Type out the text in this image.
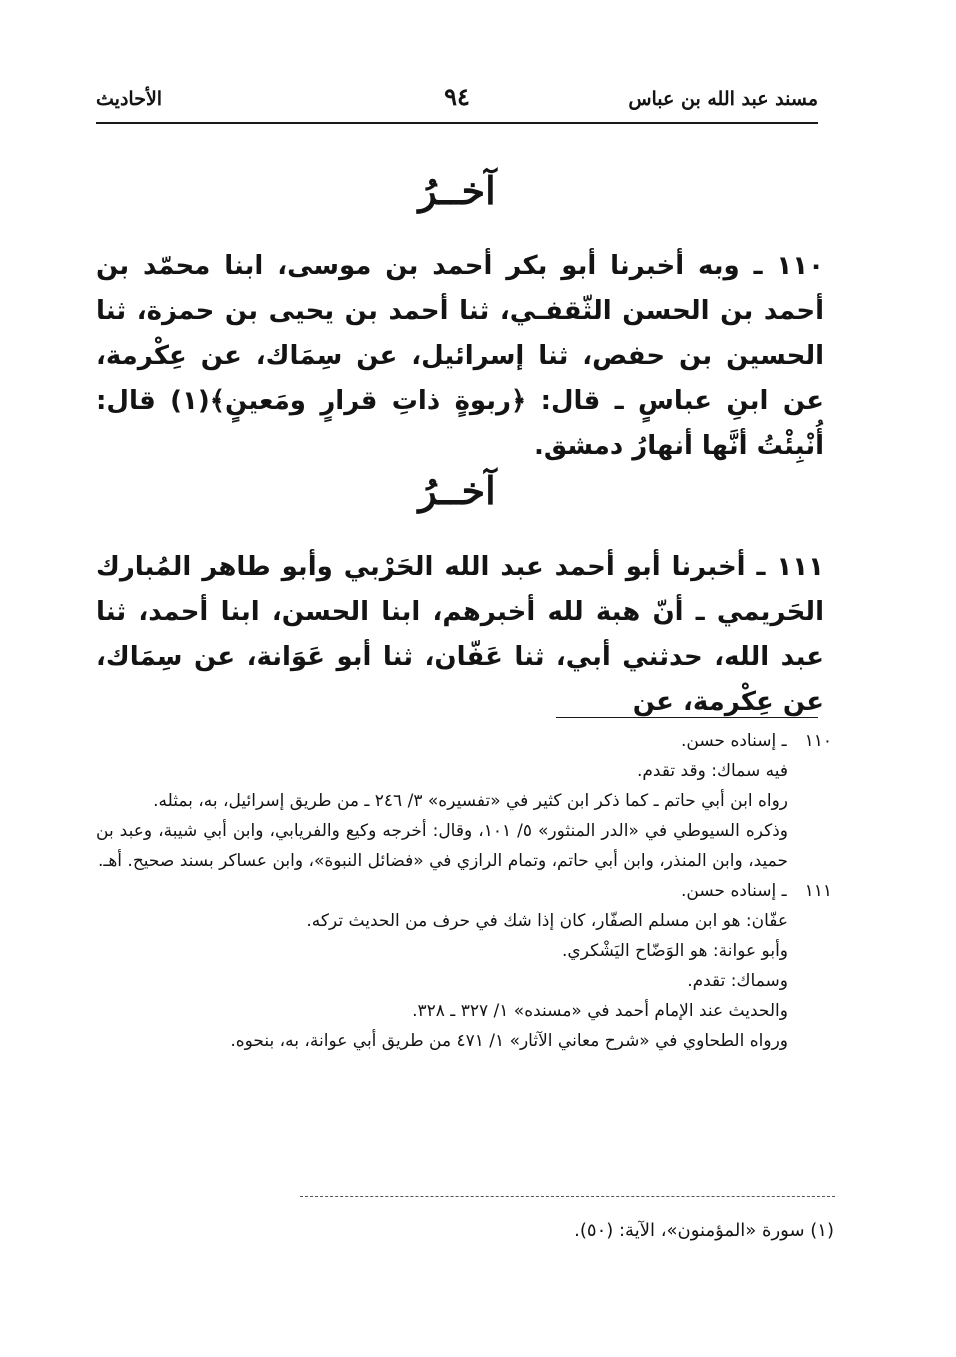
مسند عبد الله بن عباس
٩٤
الأحاديث
آخــرُ
١١٠ ـ وبه أخبرنا أبو بكر أحمد بن موسى، ابنا محمّد بن أحمد بن الحسن الثّقفـي، ثنا أحمد بن يحيى بن حمزة، ثنا الحسين بن حفص، ثنا إسرائيل، عن سِمَاك، عن عِكْرمة، عن ابنِ عباسٍ ـ قال: ﴿ربوةٍ ذاتِ قرارٍ ومَعينٍ﴾(١) قال: أُنْبِئْتُ أنَّها أنهارُ دمشق.
آخــرُ
١١١ ـ أخبرنا أبو أحمد عبد الله الحَرْبي وأبو طاهر المُبارك الحَريمي ـ أنّ هبة لله أخبرهم، ابنا الحسن، ابنا أحمد، ثنا عبد الله، حدثني أبي، ثنا عَفّان، ثنا أبو عَوَانة، عن سِمَاك، عن عِكْرمة، عن
١١٠ ـ إسناده حسن.
فيه سماك: وقد تقدم.
رواه ابن أبي حاتم ـ كما ذكر ابن كثير في «تفسيره» ٣/ ٢٤٦ ـ من طريق إسرائيل، به، بمثله.
وذكره السيوطي في «الدر المنثور» ٥/ ١٠١، وقال: أخرجه وكيع والفريابي، وابن أبي شيبة، وعبد بن حميد، وابن المنذر، وابن أبي حاتم، وتمام الرازي في «فضائل النبوة»، وابن عساكر بسند صحيح. أهـ.
١١١ ـ إسناده حسن.
عفّان: هو ابن مسلم الصفّار، كان إذا شك في حرف من الحديث تركه.
وأبو عوانة: هو الوَضّاح اليَشْكري.
وسماك: تقدم.
والحديث عند الإمام أحمد في «مسنده» ١/ ٣٢٧ ـ ٣٢٨.
ورواه الطحاوي في «شرح معاني الآثار» ١/ ٤٧١ من طريق أبي عوانة، به، بنحوه.
(١) سورة «المؤمنون»، الآية: (٥٠).
